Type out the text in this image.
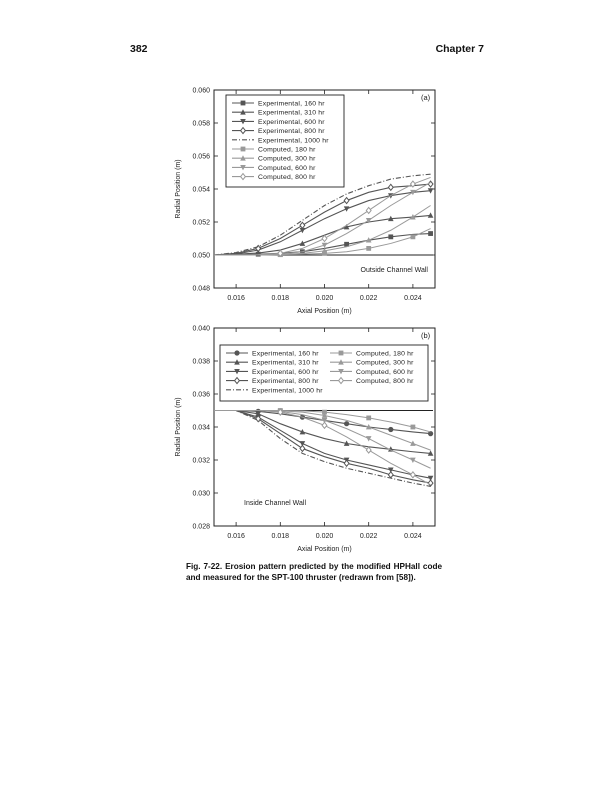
382	Chapter 7
0.048
0.050
0.052
0.054
0.056
0.058
0.060
0.016	0.018	0.020	0.022	0.024
Axial Position (m)
Radial Position (m)
(a)
Outside Channel Wall
Experimental, 160 hr
Experimental, 310 hr
Experimental, 600 hr
Experimental, 800 hr
Experimental, 1000 hr
Computed, 180 hr
Computed, 300 hr
Computed, 600 hr
Computed, 800 hr
0.028
0.030
0.032
0.034
0.036
0.038
0.040
0.016	0.018	0.020	0.022	0.024
Axial Position (m)
Radial Position (m)
(b)
Inside Channel Wall
Experimental, 160 hr
Experimental, 310 hr
Experimental, 600 hr
Experimental, 800 hr
Experimental, 1000 hr
Computed, 180 hr
Computed, 300 hr
Computed, 600 hr
Computed, 800 hr
Fig. 7-22. Erosion pattern predicted by the modified HPHall code and measured for the SPT-100 thruster (redrawn from [58]).
